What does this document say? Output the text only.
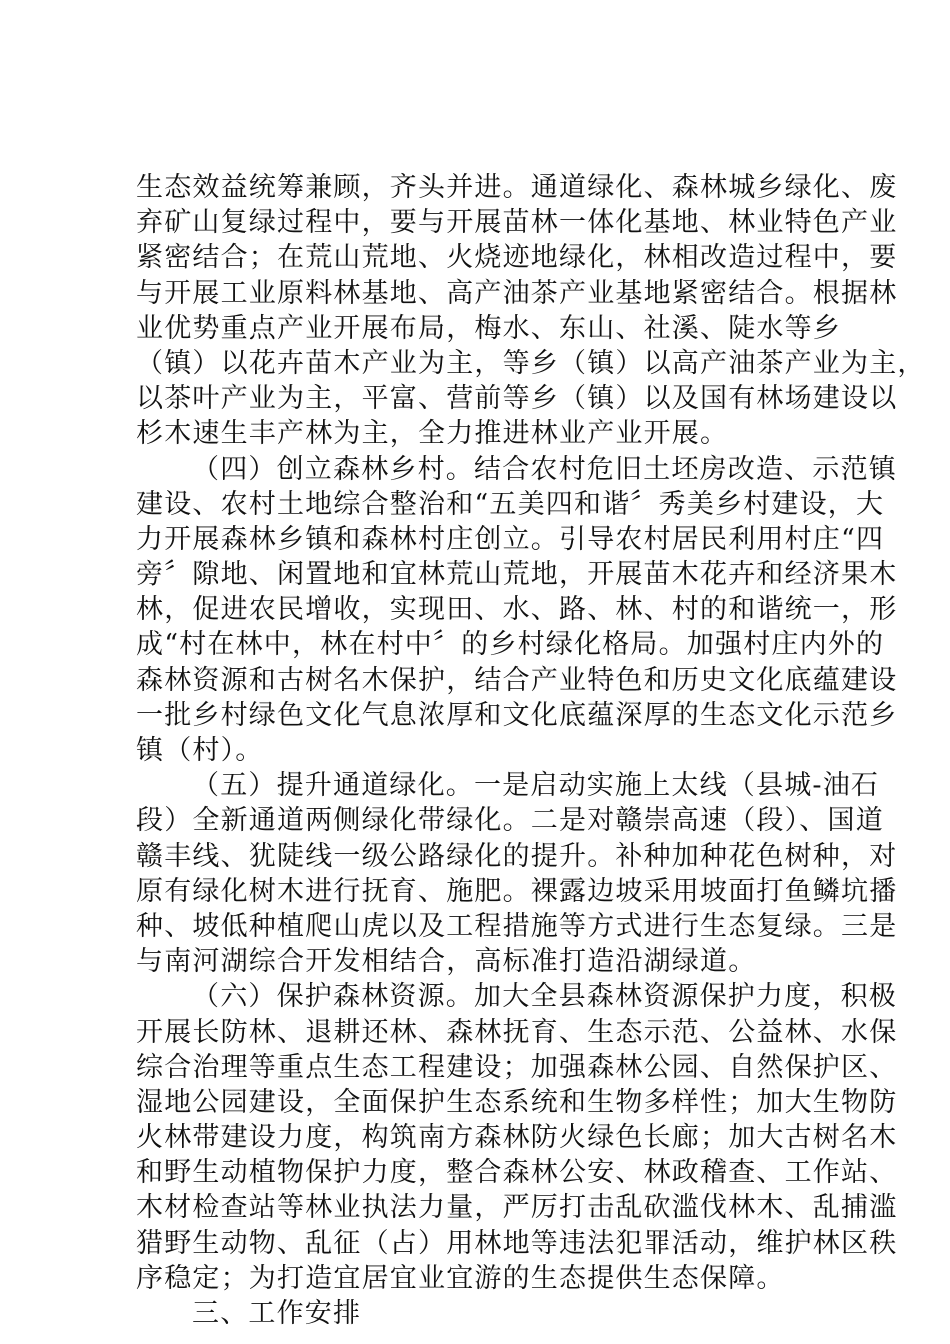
生态效益统筹兼顾，齐头并进。通道绿化、森林城乡绿化、废
弃矿山复绿过程中，要与开展苗林一体化基地、林业特色产业
紧密结合；在荒山荒地、火烧迹地绿化，林相改造过程中，要
与开展工业原料林基地、高产油茶产业基地紧密结合。根据林
业优势重点产业开展布局，梅水、东山、社溪、陡水等乡
（镇）以花卉苗木产业为主，等乡（镇）以高产油茶产业为主，
以茶叶产业为主，平富、营前等乡（镇）以及国有林场建设以
杉木速生丰产林为主，全力推进林业产业开展。
（四）创立森林乡村。结合农村危旧土坯房改造、示范镇
建设、农村土地综合整治和“五美四和谐〞秀美乡村建设，大
力开展森林乡镇和森林村庄创立。引导农村居民利用村庄“四
旁〞隙地、闲置地和宜林荒山荒地，开展苗木花卉和经济果木
林，促进农民增收，实现田、水、路、林、村的和谐统一，形
成“村在林中，林在村中〞的乡村绿化格局。加强村庄内外的
森林资源和古树名木保护，结合产业特色和历史文化底蕴建设
一批乡村绿色文化气息浓厚和文化底蕴深厚的生态文化示范乡
镇（村）。
（五）提升通道绿化。一是启动实施上太线（县城-油石
段）全新通道两侧绿化带绿化。二是对赣崇高速（段）、国道
赣丰线、犹陡线一级公路绿化的提升。补种加种花色树种，对
原有绿化树木进行抚育、施肥。裸露边坡采用坡面打鱼鳞坑播
种、坡低种植爬山虎以及工程措施等方式进行生态复绿。三是
与南河湖综合开发相结合，高标准打造沿湖绿道。
（六）保护森林资源。加大全县森林资源保护力度，积极
开展长防林、退耕还林、森林抚育、生态示范、公益林、水保
综合治理等重点生态工程建设；加强森林公园、自然保护区、
湿地公园建设，全面保护生态系统和生物多样性；加大生物防
火林带建设力度，构筑南方森林防火绿色长廊；加大古树名木
和野生动植物保护力度，整合森林公安、林政稽查、工作站、
木材检查站等林业执法力量，严厉打击乱砍滥伐林木、乱捕滥
猎野生动物、乱征（占）用林地等违法犯罪活动，维护林区秩
序稳定；为打造宜居宜业宜游的生态提供生态保障。
三、工作安排
